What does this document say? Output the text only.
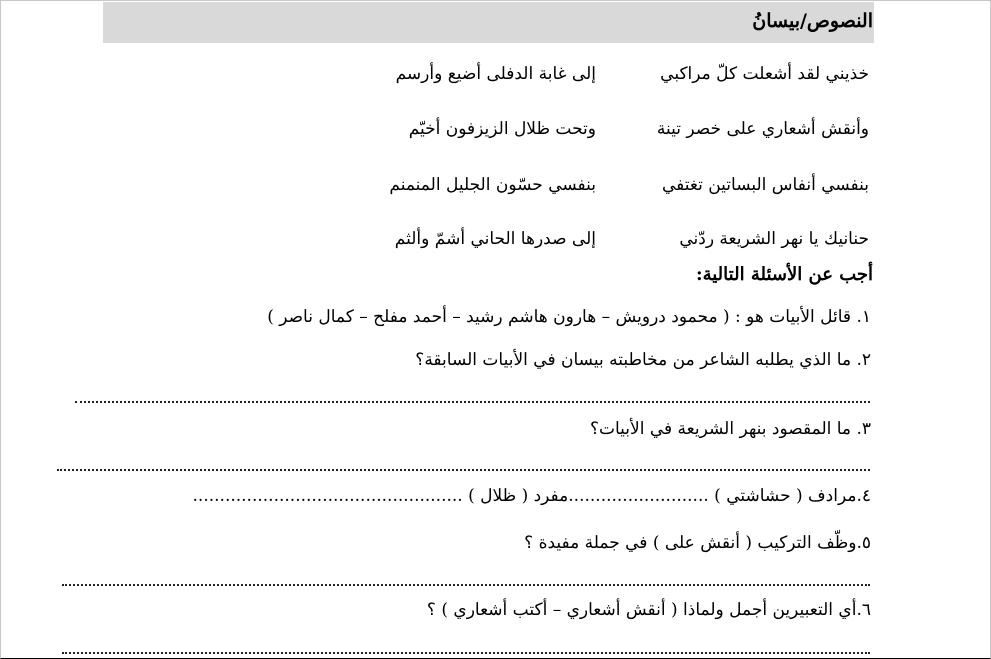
النصوص/بيسانُ
خذيني لقد أشعلت كلّ مراكبي
إلى غابة الدفلى أضيع وأرسم
وأنقش أشعاري على خصر تينة
وتحت ظلال الزيزفون أخيّم
بنفسي أنفاس البساتين تغتفي
بنفسي حسّون الجليل المنمنم
حنانيك يا نهر الشريعة ردّني
إلى صدرها الحاني أشمّ وألثم
أجب عن الأسئلة التالية:
١. قائل الأبيات هو : ( محمود درويش – هارون هاشم رشيد – أحمد مفلح – كمال ناصر )
٢. ما الذي يطلبه الشاعر من مخاطبته بيسان في الأبيات السابقة؟
٣. ما المقصود بنهر الشريعة في الأبيات؟
٤.مرادف ( حشاشتي ) ..........................مفرد ( ظلال ) ..................................................
٥.وظّف التركيب ( أنقش على ) في جملة مفيدة ؟
٦.أي التعبيرين أجمل ولماذا ( أنقش أشعاري – أكتب أشعاري ) ؟
